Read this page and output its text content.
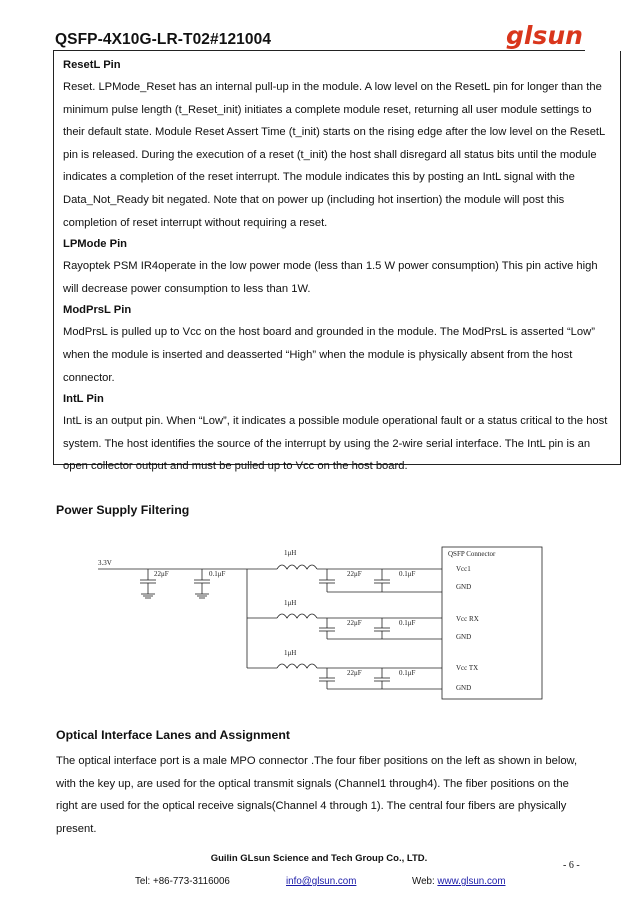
QSFP-4X10G-LR-T02#121004	glsun

ResetL Pin

Reset. LPMode_Reset has an internal pull-up in the module. A low level on the ResetL pin for longer than the minimum pulse length (t_Reset_init) initiates a complete module reset, returning all user module settings to their default state. Module Reset Assert Time (t_init) starts on the rising edge after the low level on the ResetL pin is released. During the execution of a reset (t_init) the host shall disregard all status bits until the module indicates a completion of the reset interrupt. The module indicates this by posting an IntL signal with the Data_Not_Ready bit negated. Note that on power up (including hot insertion) the module will post this completion of reset interrupt without requiring a reset.

LPMode Pin

Rayoptek PSM IR4operate in the low power mode (less than 1.5 W power consumption) This pin active high will decrease power consumption to less than 1W.

ModPrsL Pin

ModPrsL is pulled up to Vcc on the host board and grounded in the module. The ModPrsL is asserted “Low” when the module is inserted and deasserted “High” when the module is physically absent from the host connector.

IntL Pin

IntL is an output pin. When “Low”, it indicates a possible module operational fault or a status critical to the host system. The host identifies the source of the interrupt by using the 2-wire serial interface. The IntL pin is an open collector output and must be pulled up to Vcc on the host board.

Power Supply Filtering
3.3V
22μF	0.1μF
1μH
22μF	0.1μF
1μH
22μF	0.1μF
1μH
22μF	0.1μF
QSFP Connector
Vcc1
GND
Vcc RX
GND
Vcc TX
GND
Optical Interface Lanes and Assignment
The optical interface port is a male MPO connector .The four fiber positions on the left as shown in below, with the key up, are used for the optical transmit signals (Channel1 through4). The fiber positions on the right are used for the optical receive signals(Channel 4 through 1). The central four fibers are physically present.
Guilin GLsun Science and Tech Group Co., LTD.
- 6 -
Tel: +86-773-3116006	info@glsun.com	Web: www.glsun.com
